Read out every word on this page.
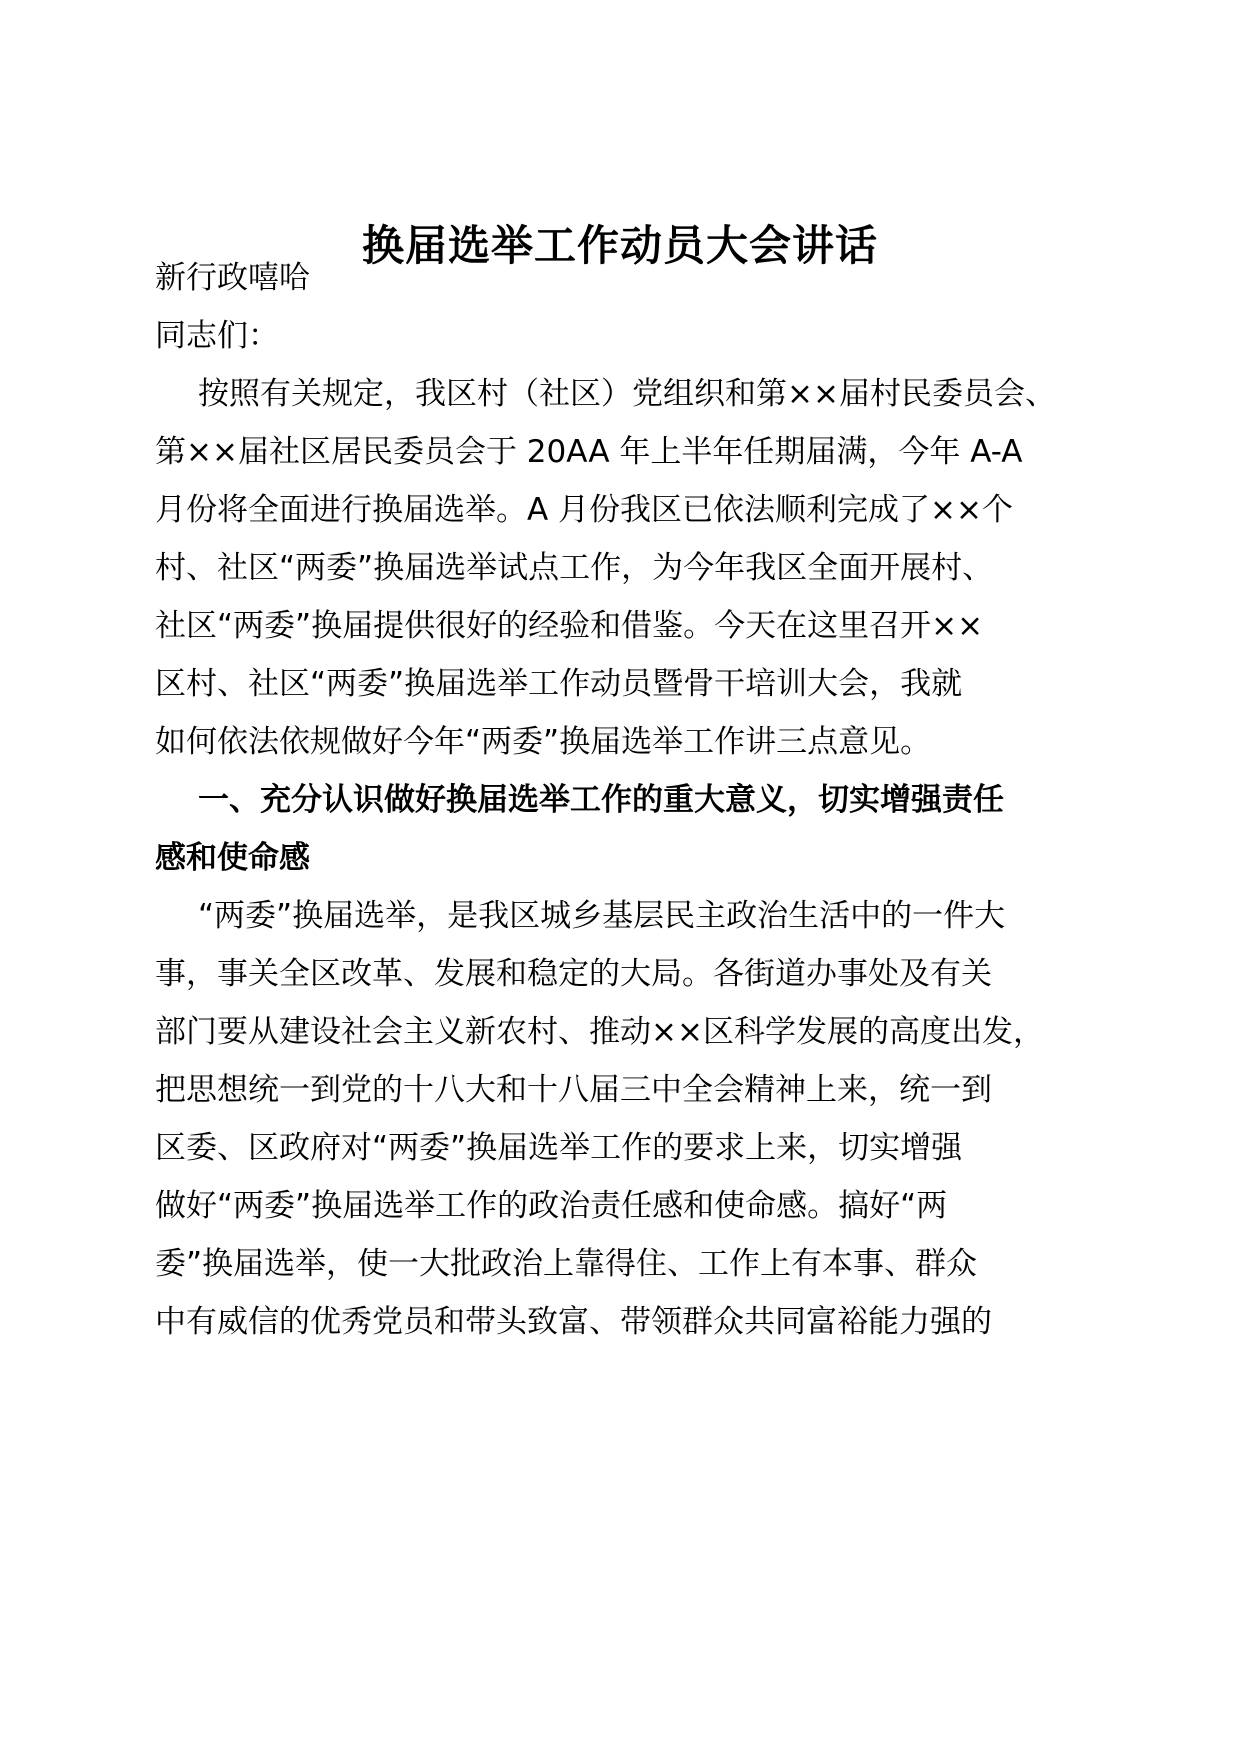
换届选举工作动员大会讲话
新行政嘻哈
同志们：
按照有关规定，我区村（社区）党组织和第××届村民委员会、
第××届社区居民委员会于 20AA 年上半年任期届满，今年 A-A
月份将全面进行换届选举。A 月份我区已依法顺利完成了××个
村、社区“两委”换届选举试点工作，为今年我区全面开展村、
社区“两委”换届提供很好的经验和借鉴。今天在这里召开××
区村、社区“两委”换届选举工作动员暨骨干培训大会，我就
如何依法依规做好今年“两委”换届选举工作讲三点意见。
一、充分认识做好换届选举工作的重大意义，切实增强责任
感和使命感
“两委”换届选举，是我区城乡基层民主政治生活中的一件大
事，事关全区改革、发展和稳定的大局。各街道办事处及有关
部门要从建设社会主义新农村、推动××区科学发展的高度出发，
把思想统一到党的十八大和十八届三中全会精神上来，统一到
区委、区政府对“两委”换届选举工作的要求上来，切实增强
做好“两委”换届选举工作的政治责任感和使命感。搞好“两
委”换届选举，使一大批政治上靠得住、工作上有本事、群众
中有威信的优秀党员和带头致富、带领群众共同富裕能力强的
